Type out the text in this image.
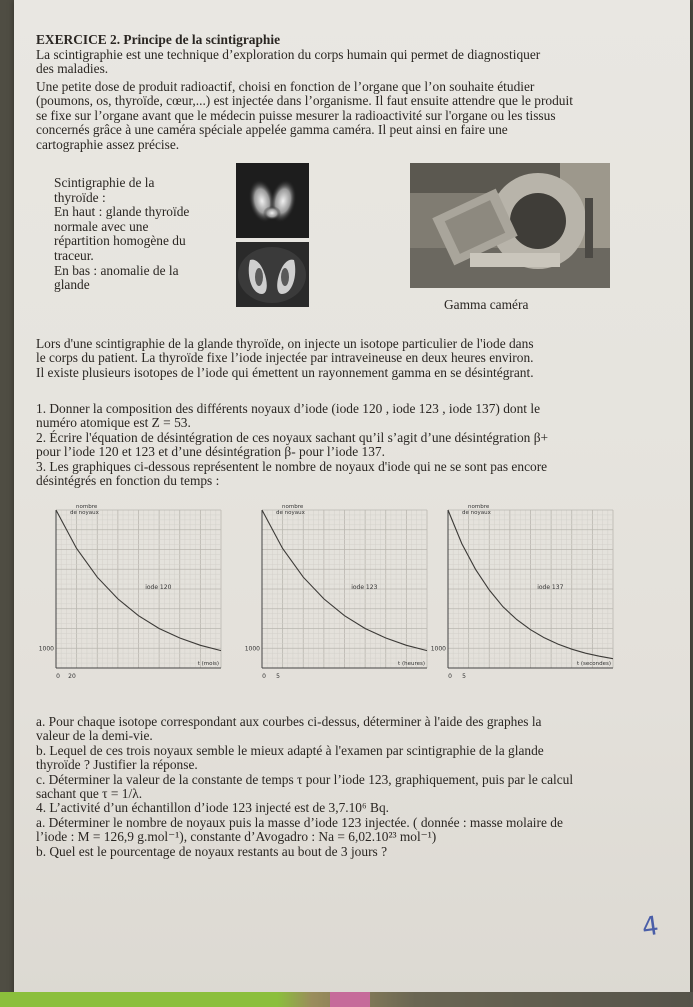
EXERCICE 2. Principe de la scintigraphie
La scintigraphie est une technique d’exploration du corps humain qui permet de diagnostiquer
des maladies.
Une petite dose de produit radioactif, choisi en fonction de l’organe que l’on souhaite étudier
(poumons, os, thyroïde, cœur,...) est injectée dans l’organisme. Il faut ensuite attendre que le produit
se fixe sur l’organe avant que le médecin puisse mesurer la radioactivité sur l'organe ou les tissus
concernés grâce à une caméra spéciale appelée gamma caméra. Il peut ainsi en faire une
cartographie assez précise.
Scintigraphie de la
thyroïde :
En haut : glande thyroïde
normale avec une
répartition homogène du
traceur.
En bas : anomalie de la
glande
Gamma caméra
Lors d'une scintigraphie de la glande thyroïde, on injecte un isotope particulier de l'iode dans
le corps du patient. La thyroïde fixe l’iode injectée par intraveineuse en deux heures environ.
Il existe plusieurs isotopes de l’iode qui émettent un rayonnement gamma en se désintégrant.
1. Donner la composition des différents noyaux d’iode (iode 120 , iode 123 , iode 137) dont le
numéro atomique est Z = 53.
2. Écrire l'équation de désintégration de ces noyaux sachant qu’il s’agit d’une désintégration β+
pour l’iode 120 et 123 et d’une désintégration β- pour l’iode 137.
3. Les graphiques ci-dessous représentent le nombre de noyaux d'iode qui ne se sont pas encore
désintégrés en fonction du temps :
nombre
de noyaux
iode 120
t (mois)
1000
0 20
nombre
de noyaux
iode 123
t (heures)
1000
0 5
nombre
de noyaux
iode 137
t (secondes)
1000
0 5
a. Pour chaque isotope correspondant aux courbes ci-dessus, déterminer à l'aide des graphes la
valeur de la demi-vie.
b. Lequel de ces trois noyaux semble le mieux adapté à l'examen par scintigraphie de la glande
thyroïde ? Justifier la réponse.
c. Déterminer la valeur de la constante de temps τ pour l’iode 123, graphiquement, puis par le calcul
sachant que τ = 1/λ.
4. L’activité d’un échantillon d’iode 123 injecté est de 3,7.10⁶ Bq.
a. Déterminer le nombre de noyaux puis la masse d’iode 123 injectée. ( donnée : masse molaire de
l’iode : M = 126,9 g.mol⁻¹), constante d’Avogadro : Na = 6,02.10²³ mol⁻¹)
b. Quel est le pourcentage de noyaux restants au bout de 3 jours ?
4
